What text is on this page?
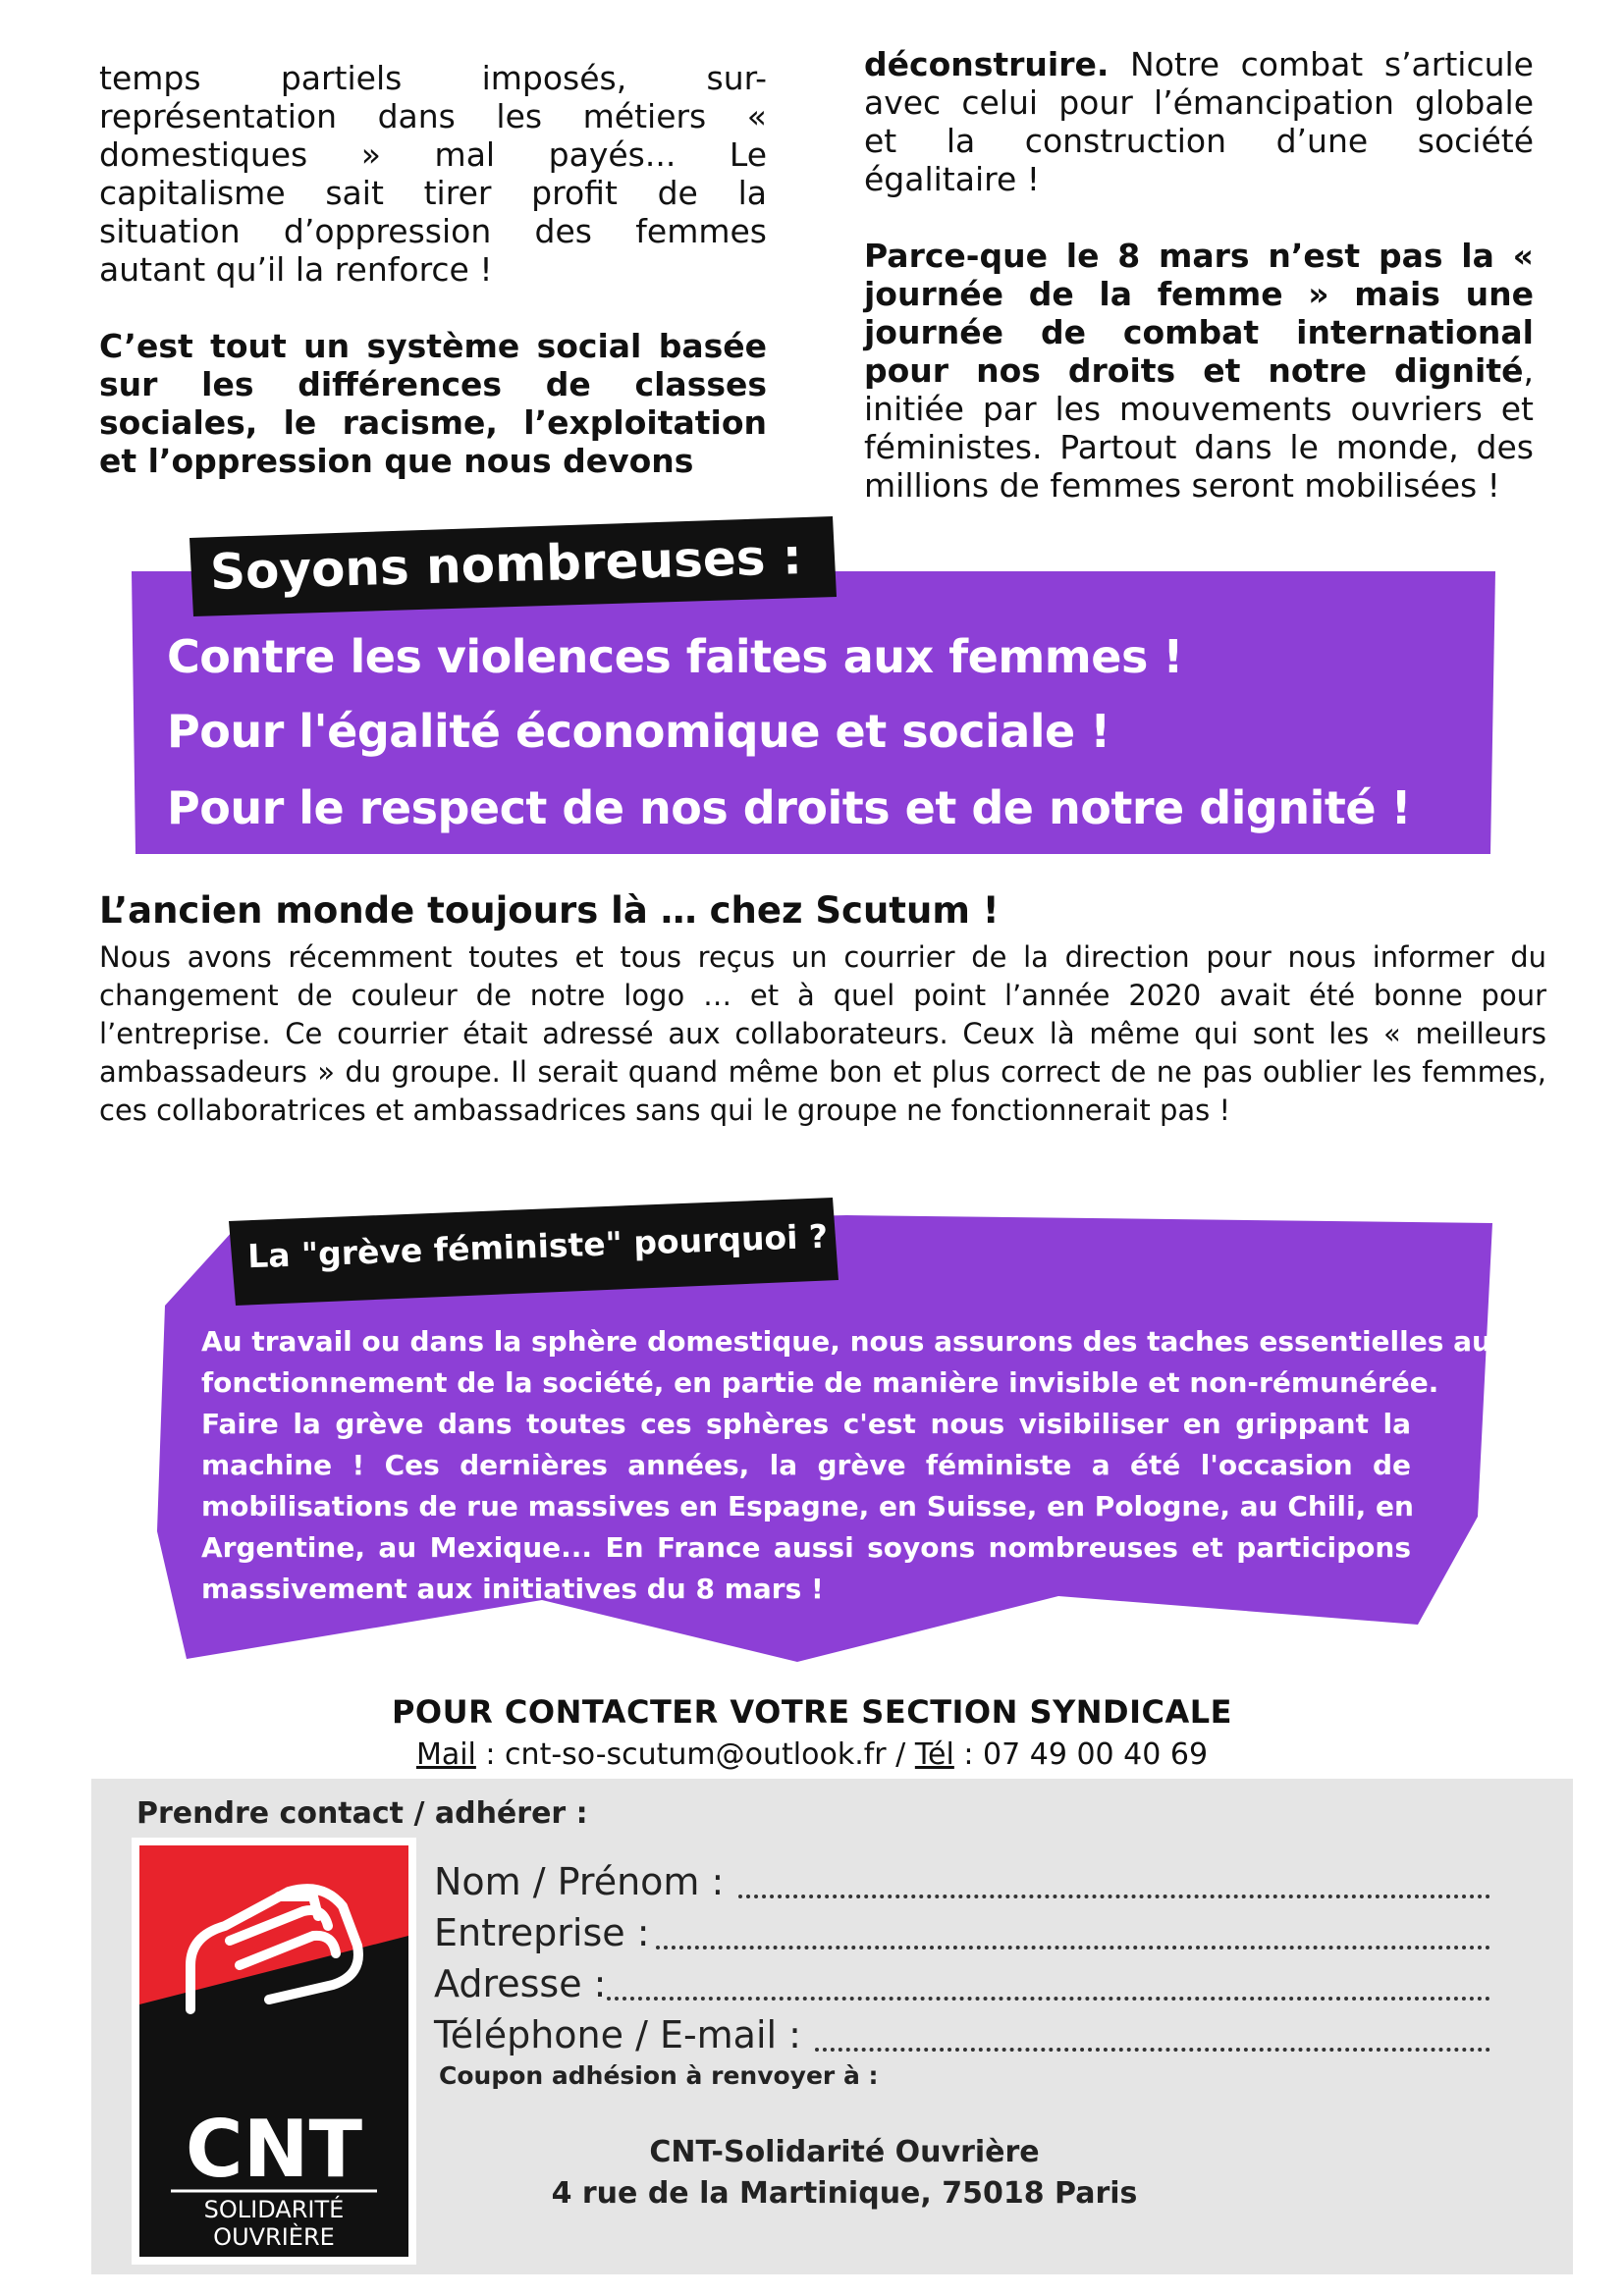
temps partiels imposés, sur-représentation dans les métiers « domestiques » mal payés... Le capitalisme sait tirer profit de la situation d’oppression des femmes autant qu’il la renforce !

C’est tout un système social basée sur les différences de classes sociales, le racisme, l’exploitation et l’oppression que nous devons

déconstruire. Notre combat s’articule avec celui pour l’émancipation globale et la construction d’une société égalitaire !

Parce-que le 8 mars n’est pas la « journée de la femme » mais une journée de combat international pour nos droits et notre dignité, initiée par les mouvements ouvriers et féministes. Partout dans le monde, des millions de femmes seront mobilisées !

Soyons nombreuses :
Contre les violences faites aux femmes !
Pour l'égalité économique et sociale !
Pour le respect de nos droits et de notre dignité !
L’ancien monde toujours là … chez Scutum !
Nous avons récemment toutes et tous reçus un courrier de la direction pour nous informer du changement de couleur de notre logo … et à quel point l’année 2020 avait été bonne pour l’entreprise. Ce courrier était adressé aux collaborateurs. Ceux là même qui sont les « meilleurs ambassadeurs » du groupe. Il serait quand même bon et plus correct de ne pas oublier les femmes, ces collaboratrices et ambassadrices sans qui le groupe ne fonctionnerait pas !
La "grève féministe" pourquoi ?
Au travail ou dans la sphère domestique, nous assurons des taches essentielles au
fonctionnement de la société, en partie de manière invisible et non-rémunérée.
Faire la grève dans toutes ces sphères c'est nous visibiliser en grippant la
machine ! Ces dernières années, la grève féministe a été l'occasion de
mobilisations de rue massives en Espagne, en Suisse, en Pologne, au Chili, en
Argentine, au Mexique... En France aussi soyons nombreuses et participons
massivement aux initiatives du 8 mars !
POUR CONTACTER VOTRE SECTION SYNDICALE
Mail : cnt-so-scutum@outlook.fr / Tél : 07 49 00 40 69
Prendre contact / adhérer :
Nom / Prénom :
Entreprise :
Adresse :
Téléphone / E-mail :
Coupon adhésion à renvoyer à :
CNT-Solidarité Ouvrière
4 rue de la Martinique, 75018 Paris
CNT
SOLIDARITÉ
OUVRIÈRE
